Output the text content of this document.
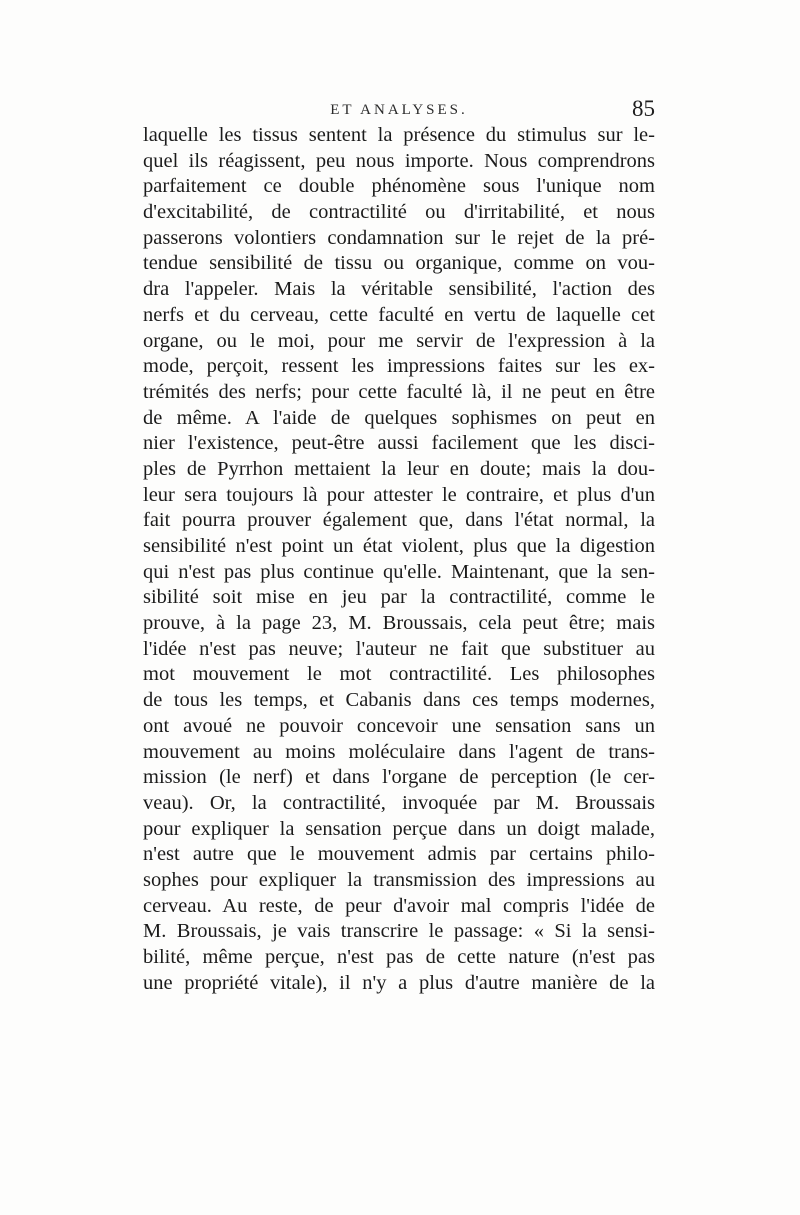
ET ANALYSES.	85
laquelle les tissus sentent la présence du stimulus sur le-
quel ils réagissent, peu nous importe. Nous comprendrons
parfaitement ce double phénomène sous l'unique nom
d'excitabilité, de contractilité ou d'irritabilité, et nous
passerons volontiers condamnation sur le rejet de la pré-
tendue sensibilité de tissu ou organique, comme on vou-
dra l'appeler. Mais la véritable sensibilité, l'action des
nerfs et du cerveau, cette faculté en vertu de laquelle cet
organe, ou le moi, pour me servir de l'expression à la
mode, perçoit, ressent les impressions faites sur les ex-
trémités des nerfs; pour cette faculté là, il ne peut en être
de même. A l'aide de quelques sophismes on peut en
nier l'existence, peut-être aussi facilement que les disci-
ples de Pyrrhon mettaient la leur en doute; mais la dou-
leur sera toujours là pour attester le contraire, et plus d'un
fait pourra prouver également que, dans l'état normal, la
sensibilité n'est point un état violent, plus que la digestion
qui n'est pas plus continue qu'elle. Maintenant, que la sen-
sibilité soit mise en jeu par la contractilité, comme le
prouve, à la page 23, M. Broussais, cela peut être; mais
l'idée n'est pas neuve; l'auteur ne fait que substituer au
mot mouvement le mot contractilité. Les philosophes
de tous les temps, et Cabanis dans ces temps modernes,
ont avoué ne pouvoir concevoir une sensation sans un
mouvement au moins moléculaire dans l'agent de trans-
mission (le nerf) et dans l'organe de perception (le cer-
veau). Or, la contractilité, invoquée par M. Broussais
pour expliquer la sensation perçue dans un doigt malade,
n'est autre que le mouvement admis par certains philo-
sophes pour expliquer la transmission des impressions au
cerveau. Au reste, de peur d'avoir mal compris l'idée de
M. Broussais, je vais transcrire le passage: « Si la sensi-
bilité, même perçue, n'est pas de cette nature (n'est pas
une propriété vitale), il n'y a plus d'autre manière de la
